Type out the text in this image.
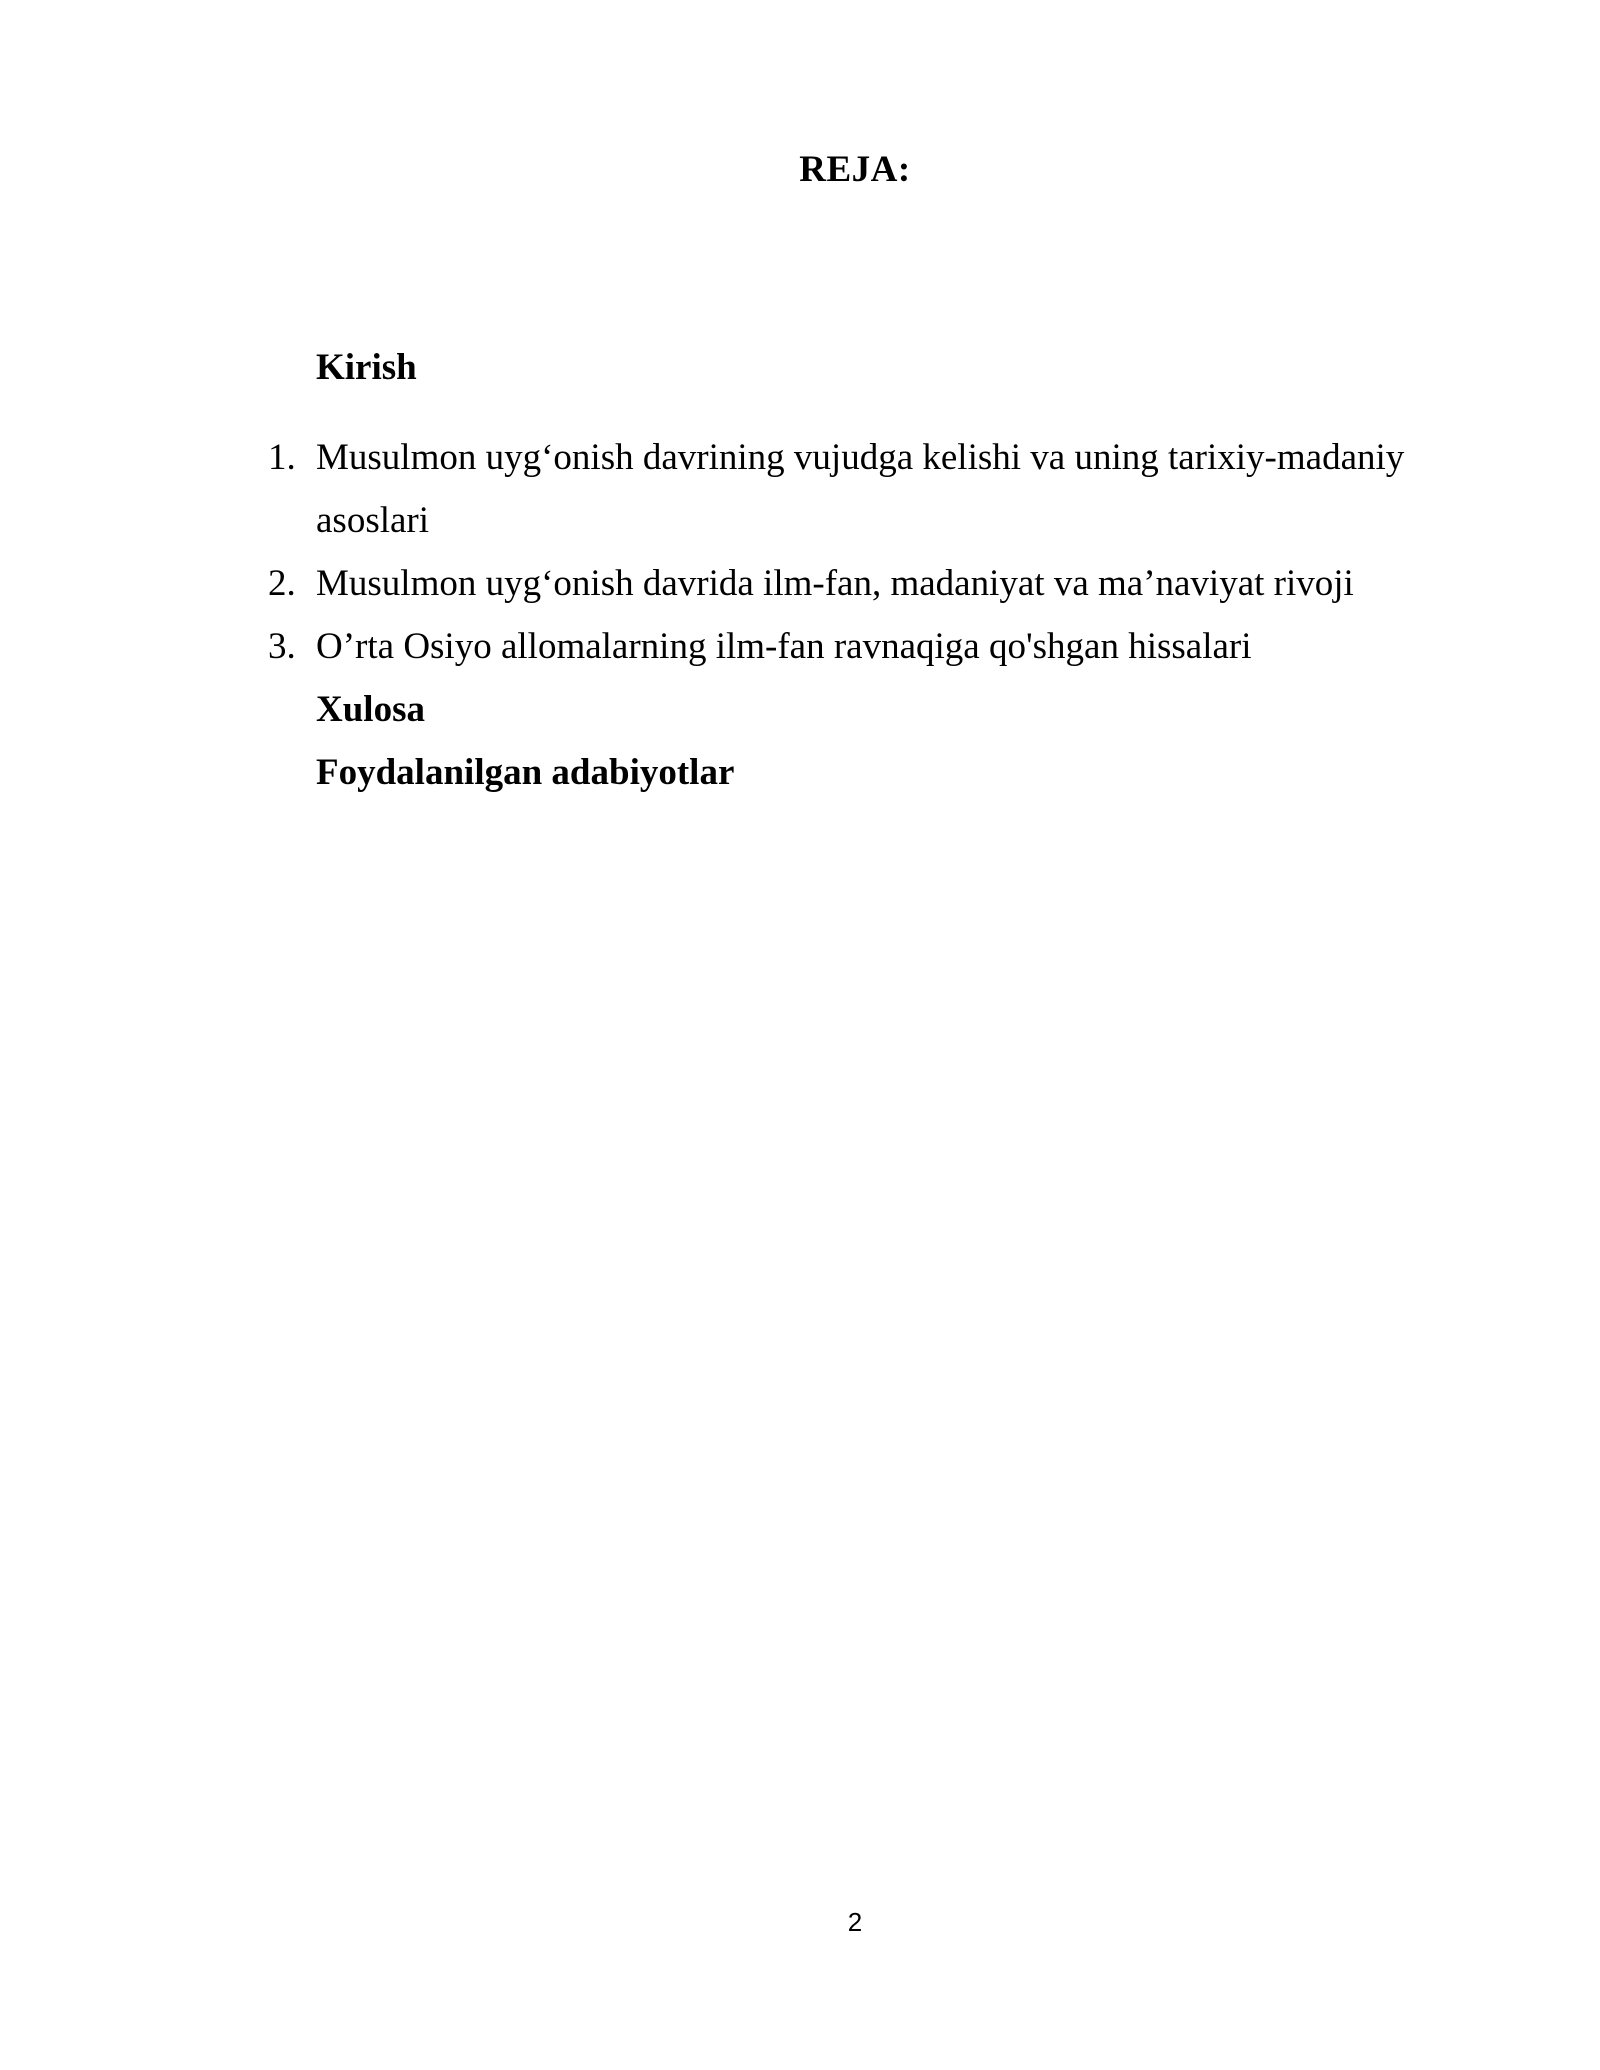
REJA:

Kirish

1. Musulmon uyg‘onish davrining vujudga kelishi va uning tarixiy-madaniy asoslari
2. Musulmon uyg‘onish davrida ilm-fan, madaniyat va ma’naviyat rivoji
3. O’rta Osiyo allomalarning ilm-fan ravnaqiga qo'shgan hissalari

Xulosa

Foydalanilgan adabiyotlar

2
